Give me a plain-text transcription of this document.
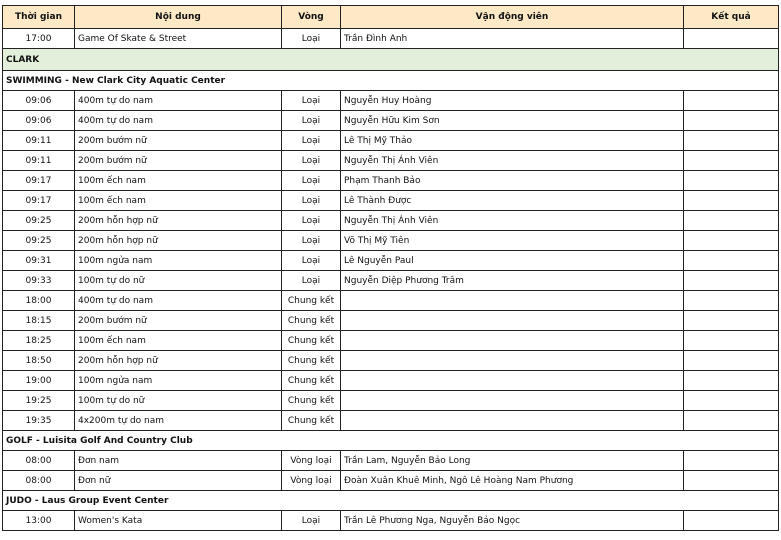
Thời gian	Nội dung	Vòng	Vận động viên	Kết quả
17:00	Game Of Skate & Street	Loại	Trần Đình Anh	
CLARK				
SWIMMING - New Clark City Aquatic Center				
09:06	400m tự do nam	Loại	Nguyễn Huy Hoàng	
09:06	400m tự do nam	Loại	Nguyễn Hữu Kim Sơn	
09:11	200m bướm nữ	Loại	Lê Thị Mỹ Thảo	
09:11	200m bướm nữ	Loại	Nguyễn Thị Ánh Viên	
09:17	100m ếch nam	Loại	Phạm Thanh Bảo	
09:17	100m ếch nam	Loại	Lê Thành Được	
09:25	200m hỗn hợp nữ	Loại	Nguyễn Thị Ánh Viên	
09:25	200m hỗn hợp nữ	Loại	Võ Thị Mỹ Tiên	
09:31	100m ngửa nam	Loại	Lê Nguyễn Paul	
09:33	100m tự do nữ	Loại	Nguyễn Diệp Phương Trâm	
18:00	400m tự do nam	Chung kết		
18:15	200m bướm nữ	Chung kết		
18:25	100m ếch nam	Chung kết		
18:50	200m hỗn hợp nữ	Chung kết		
19:00	100m ngửa nam	Chung kết		
19:25	100m tự do nữ	Chung kết		
19:35	4x200m tự do nam	Chung kết		
GOLF - Luisita Golf And Country Club				
08:00	Đơn nam	Vòng loại	Trần Lam, Nguyễn Bảo Long	
08:00	Đơn nữ	Vòng loại	Đoàn Xuân Khuê Minh, Ngô Lê Hoàng Nam Phương	
JUDO - Laus Group Event Center				
13:00	Women's Kata	Loại	Trần Lê Phương Nga, Nguyễn Bảo Ngọc	
